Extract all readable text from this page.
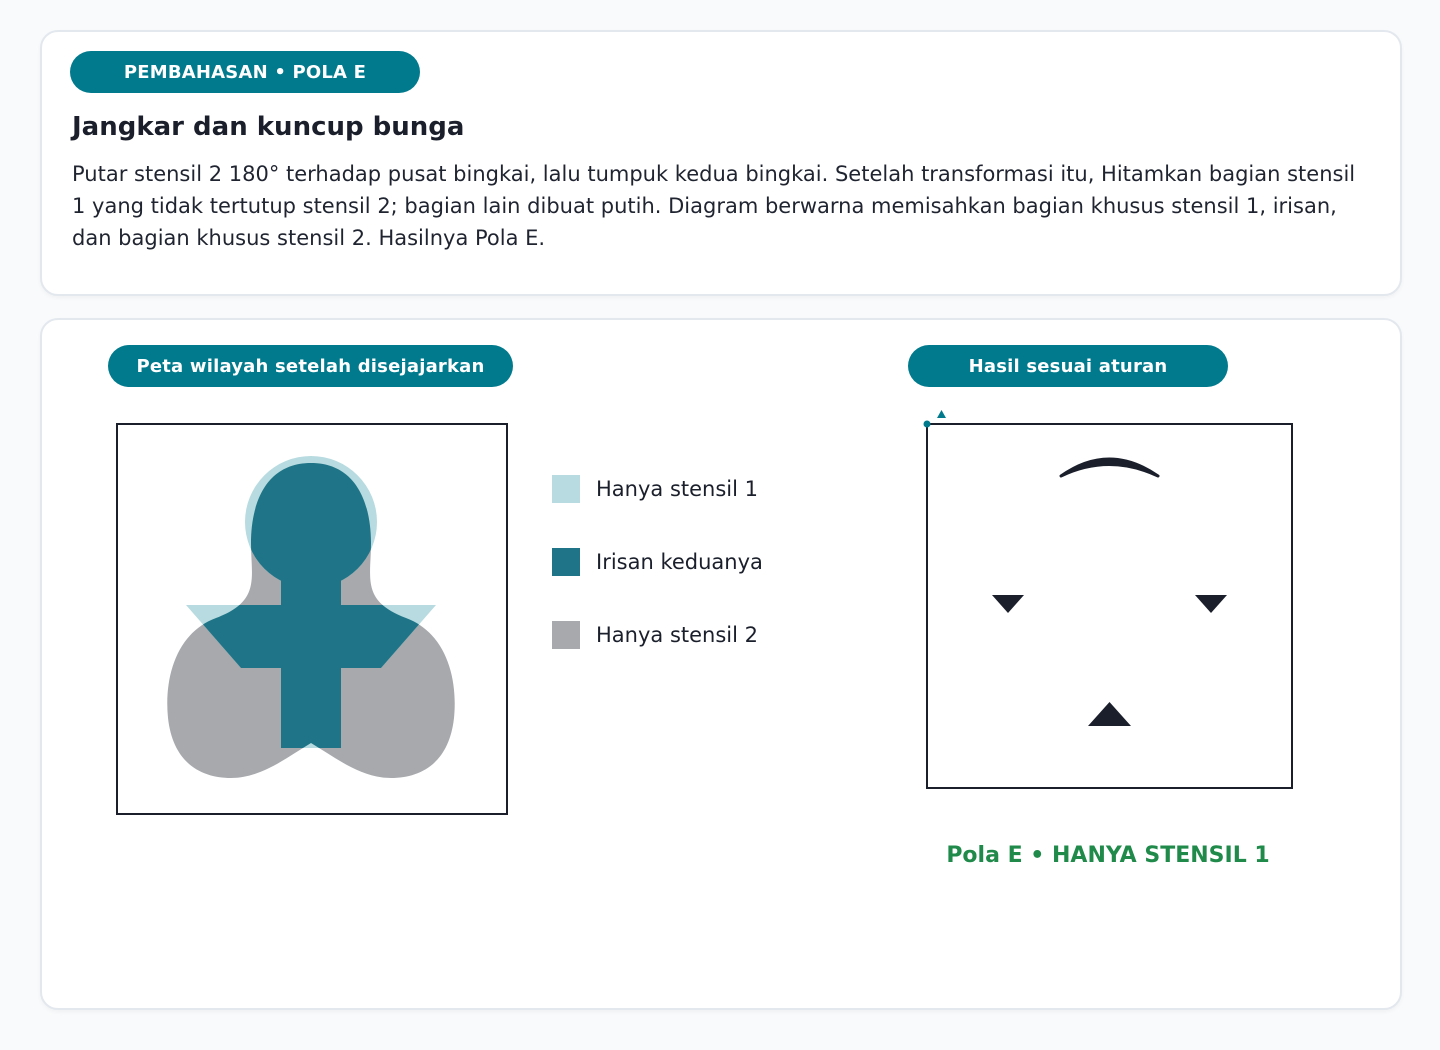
PEMBAHASAN • POLA E
Jangkar dan kuncup bunga

Putar stensil 2 180° terhadap pusat bingkai, lalu tumpuk kedua bingkai. Setelah transformasi itu, Hitamkan bagian stensil 1 yang tidak tertutup stensil 2; bagian lain dibuat putih. Diagram berwarna memisahkan bagian khusus stensil 1, irisan, dan bagian khusus stensil 2. Hasilnya Pola E.

Peta wilayah setelah disejajarkan
Hanya stensil 1
Irisan keduanya
Hanya stensil 2
Hasil sesuai aturan
Pola E • HANYA STENSIL 1
